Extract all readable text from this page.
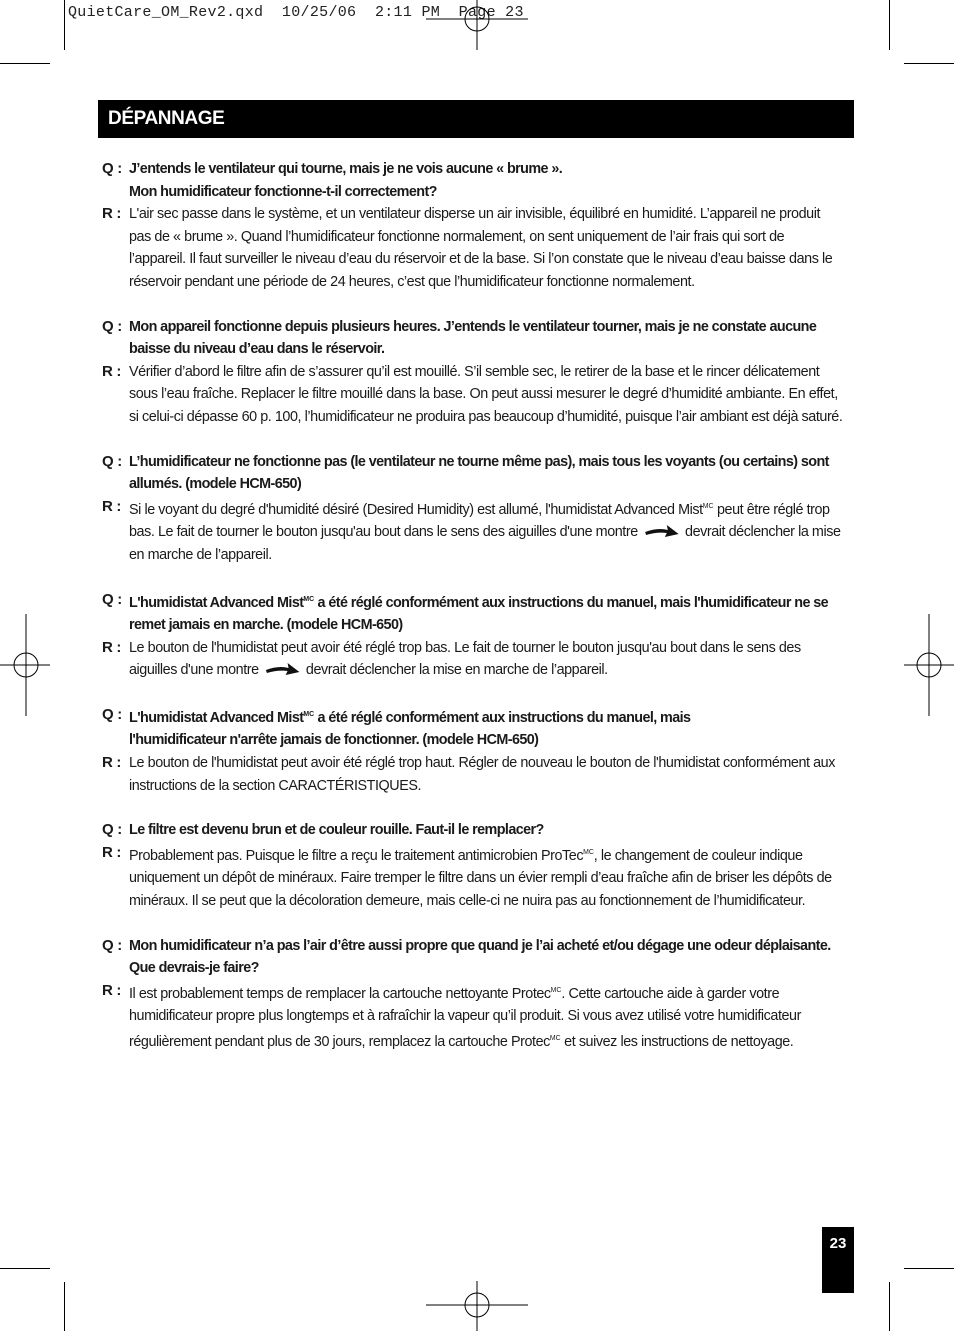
QuietCare_OM_Rev2.qxd  10/25/06  2:11 PM  Page 23
DÉPANNAGE
Q : J’entends le ventilateur qui tourne, mais je ne vois aucune « brume ».
Mon humidificateur fonctionne-t-il correctement?
R : L'air sec passe dans le système, et un ventilateur disperse un air invisible, équilibré en humidité. L’appareil ne produit pas de « brume ». Quand l’humidificateur fonctionne normalement, on sent uniquement de l’air frais qui sort de l’appareil. Il faut surveiller le niveau d’eau du réservoir et de la base. Si l’on constate que le niveau d’eau baisse dans le réservoir pendant une période de 24 heures, c’est que l’humidificateur fonctionne normalement.
Q : Mon appareil fonctionne depuis plusieurs heures. J’entends le ventilateur tourner, mais je ne constate aucune baisse du niveau d’eau dans le réservoir.
R : Vérifier d’abord le filtre afin de s’assurer qu’il est mouillé. S’il semble sec, le retirer de la base et le rincer délicatement sous l’eau fraîche. Replacer le filtre mouillé dans la base. On peut aussi mesurer le degré d’humidité ambiante. En effet, si celui-ci dépasse 60 p. 100, l’humidificateur ne produira pas beaucoup d’humidité, puisque l’air ambiant est déjà saturé.
Q : L’humidificateur ne fonctionne pas (le ventilateur ne tourne même pas), mais tous les voyants (ou certains) sont allumés. (modele HCM-650)
R : Si le voyant du degré d'humidité désiré (Desired Humidity) est allumé, l'humidistat Advanced Mist$^{MC}$ peut être réglé trop bas. Le fait de tourner le bouton jusqu'au bout dans le sens des aiguilles d'une montre	devrait déclencher la mise en marche de l’appareil.
Q : L'humidistat Advanced Mist$^{MC}$ a été réglé conformément aux instructions du manuel, mais l'humidificateur ne se remet jamais en marche. (modele HCM-650)
R : Le bouton de l'humidistat peut avoir été réglé trop bas. Le fait de tourner le bouton jusqu'au bout dans le sens des aiguilles d'une montre	devrait déclencher la mise en marche de l’appareil.
Q : L'humidistat Advanced Mist$^{MC}$ a été réglé conformément aux instructions du manuel, mais
l'humidificateur n'arrête jamais de fonctionner. (modele HCM-650)
R : Le bouton de l'humidistat peut avoir été réglé trop haut. Régler de nouveau le bouton de l'humidistat conformément aux instructions de la section CARACTÉRISTIQUES.
Q : Le filtre est devenu brun et de couleur rouille. Faut-il le remplacer?
R : Probablement pas. Puisque le filtre a reçu le traitement antimicrobien ProTec$^{MC}$, le changement de couleur indique uniquement un dépôt de minéraux. Faire tremper le filtre dans un évier rempli d’eau fraîche afin de briser les dépôts de minéraux. Il se peut que la décoloration demeure, mais celle-ci ne nuira pas au fonctionnement de l’humidificateur.
Q : Mon humidificateur n’a pas l’air d’être aussi propre que quand je l’ai acheté et/ou dégage une odeur déplaisante. Que devrais-je faire?
R : Il est probablement temps de remplacer la cartouche nettoyante Protec$^{MC}$. Cette cartouche aide à garder votre humidificateur propre plus longtemps et à rafraîchir la vapeur qu’il produit. Si vous avez utilisé votre humidificateur régulièrement pendant plus de 30 jours, remplacez la cartouche Protec$^{MC}$ et suivez les instructions de nettoyage.
23
